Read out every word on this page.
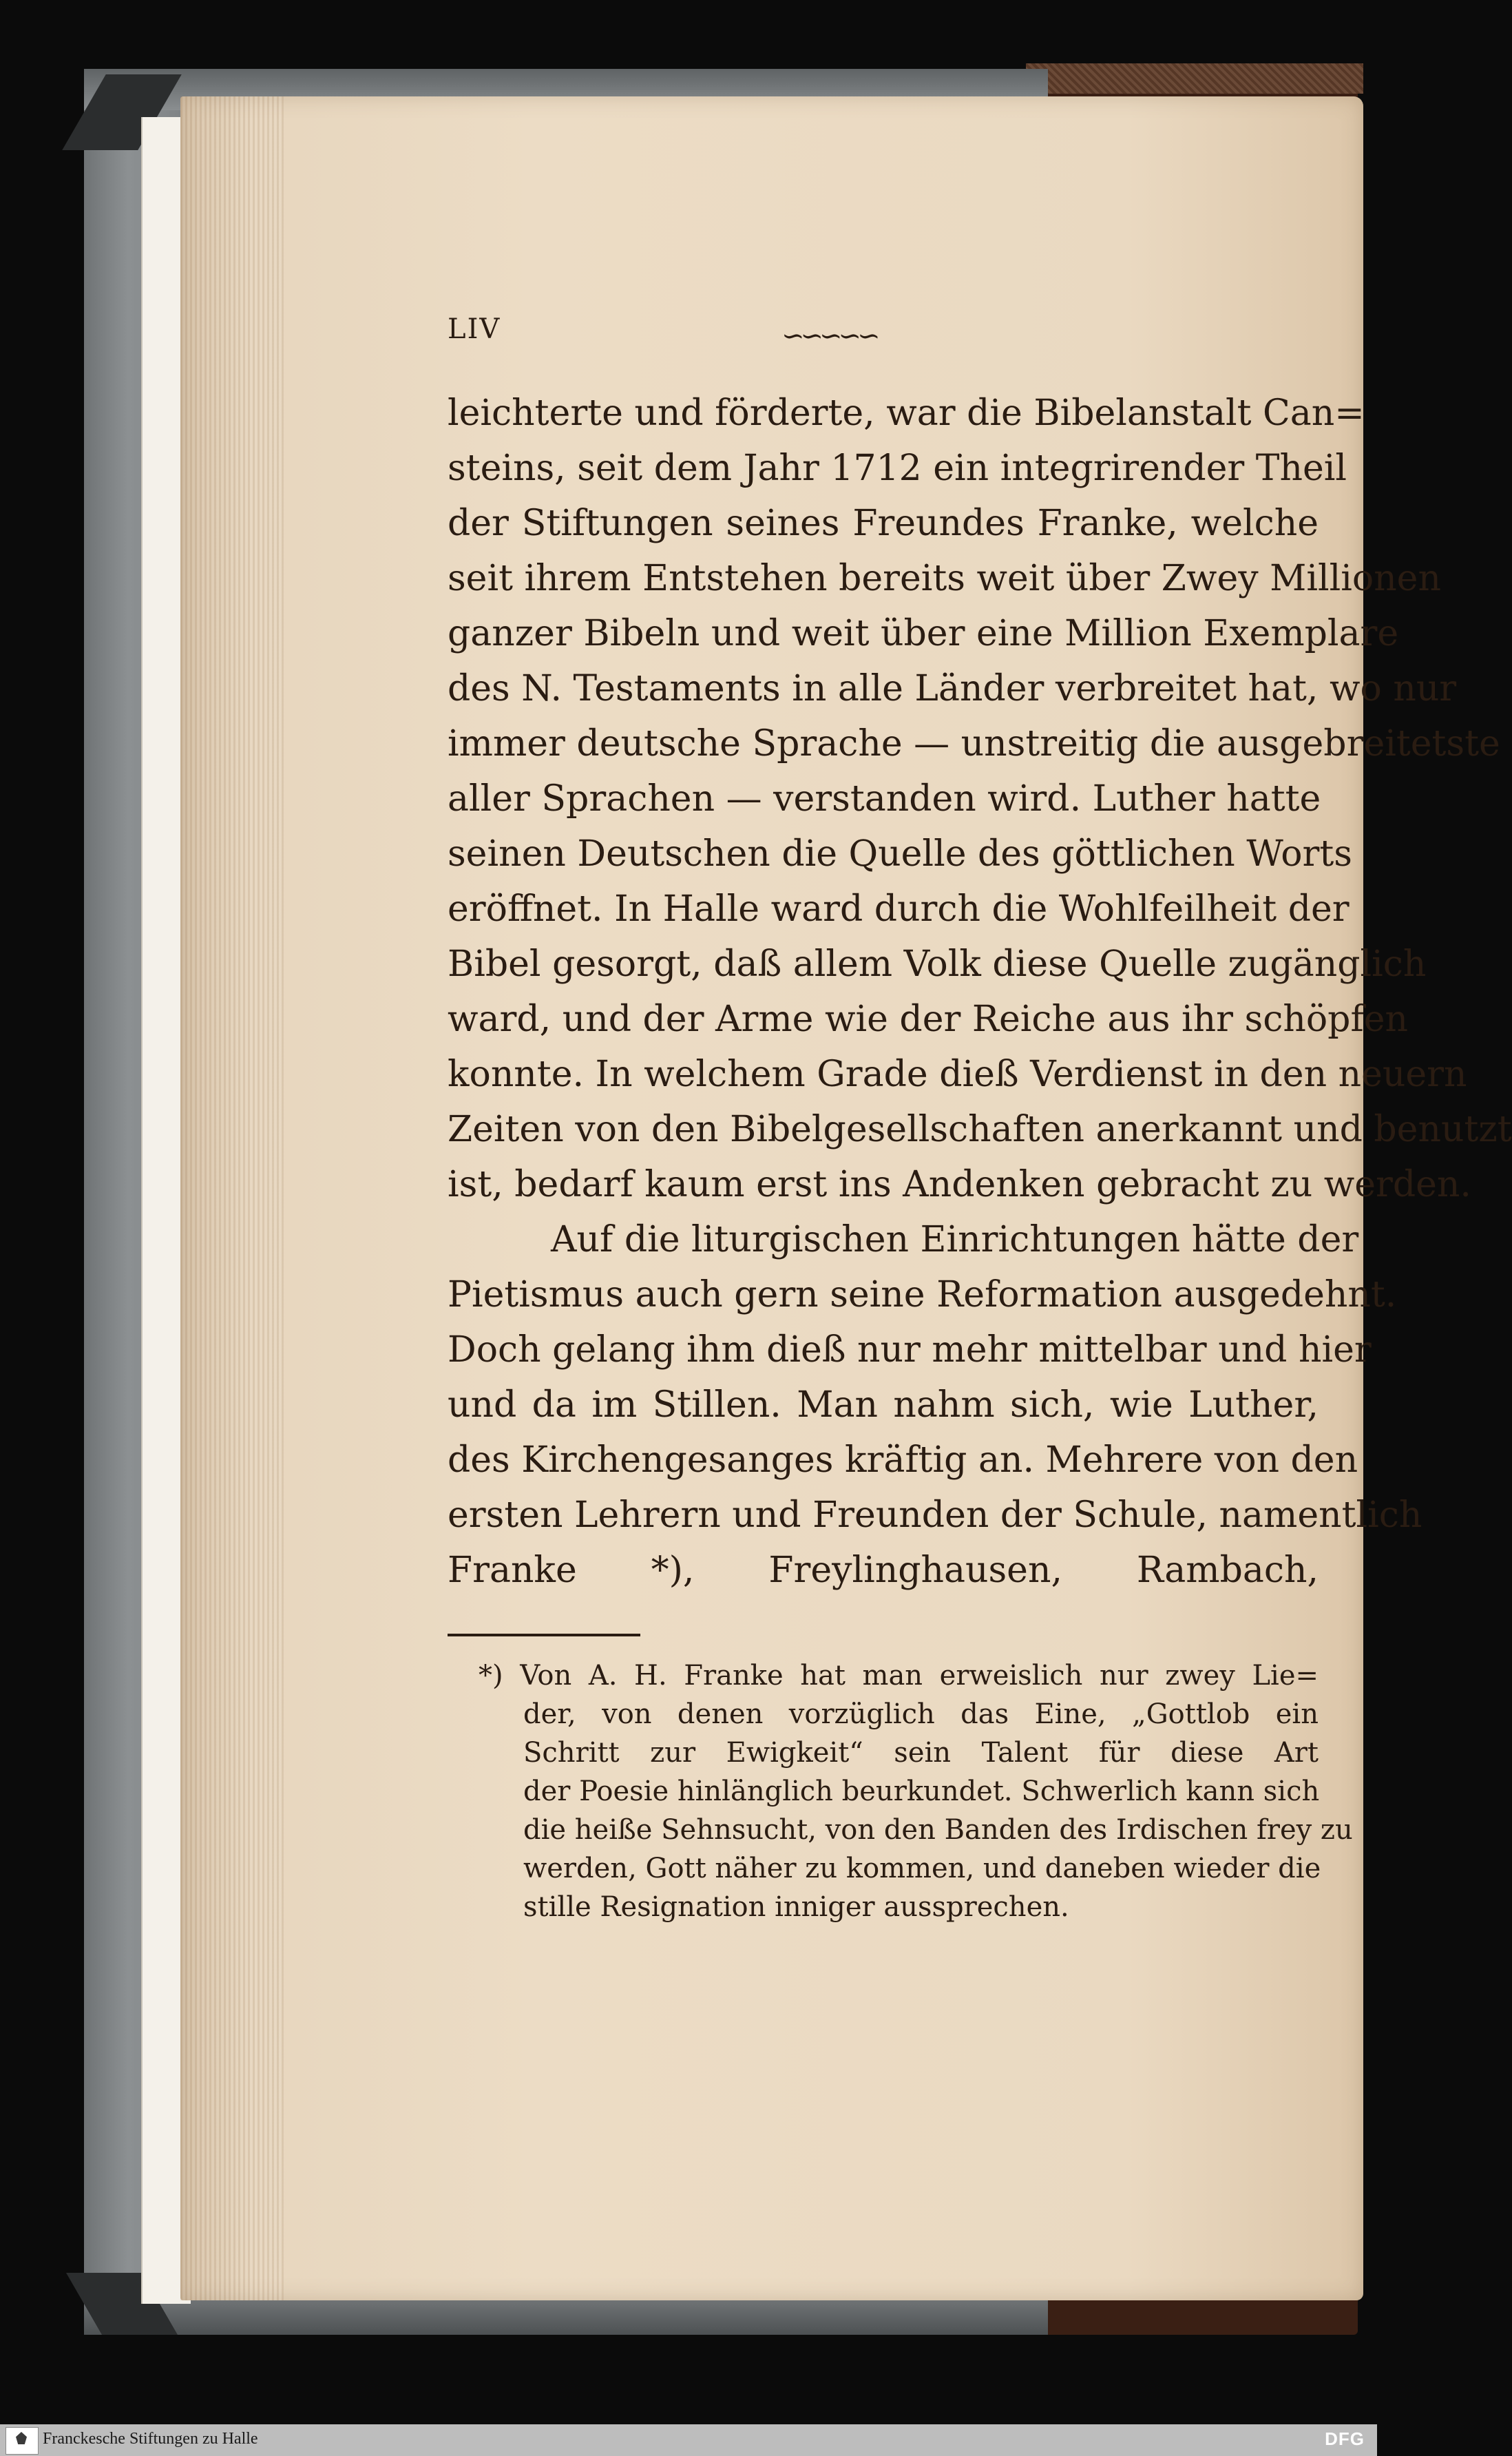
LIV	∽∽∽∽∽
leichterte und förderte, war die Bibelanstalt Can=
steins, seit dem Jahr 1712 ein integrirender Theil
der Stiftungen seines Freundes Franke, welche
seit ihrem Entstehen bereits weit über Zwey Millionen
ganzer Bibeln und weit über eine Million Exemplare
des N. Testaments in alle Länder verbreitet hat, wo nur
immer deutsche Sprache — unstreitig die ausgebreitetste
aller Sprachen — verstanden wird. Luther hatte
seinen Deutschen die Quelle des göttlichen Worts
eröffnet. In Halle ward durch die Wohlfeilheit der
Bibel gesorgt, daß allem Volk diese Quelle zugänglich
ward, und der Arme wie der Reiche aus ihr schöpfen
konnte. In welchem Grade dieß Verdienst in den neuern
Zeiten von den Bibelgesellschaften anerkannt und benutzt
ist, bedarf kaum erst ins Andenken gebracht zu werden.
Auf die liturgischen Einrichtungen hätte der
Pietismus auch gern seine Reformation ausgedehnt.
Doch gelang ihm dieß nur mehr mittelbar und hier
und da im Stillen. Man nahm sich, wie Luther,
des Kirchengesanges kräftig an. Mehrere von den
ersten Lehrern und Freunden der Schule, namentlich
Franke *), Freylinghausen, Rambach,
*) Von A. H. Franke hat man erweislich nur zwey Lie=
der, von denen vorzüglich das Eine, „Gottlob ein
Schritt zur Ewigkeit“ sein Talent für diese Art
der Poesie hinlänglich beurkundet. Schwerlich kann sich
die heiße Sehnsucht, von den Banden des Irdischen frey zu
werden, Gott näher zu kommen, und daneben wieder die
stille Resignation inniger aussprechen.
Franckesche Stiftungen zu Halle	DFG
